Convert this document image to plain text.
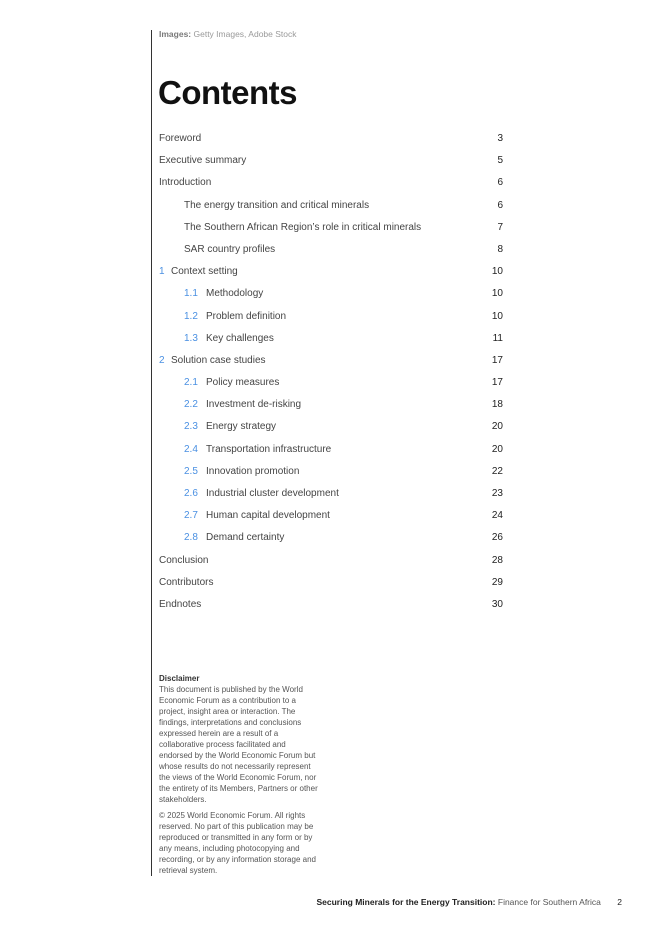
Images: Getty Images, Adobe Stock
Contents
Foreword	3
Executive summary	5
Introduction	6
The energy transition and critical minerals	6
The Southern African Region’s role in critical minerals	7
SAR country profiles	8
1 Context setting	10
1.1 Methodology	10
1.2 Problem definition	10
1.3 Key challenges	11
2 Solution case studies	17
2.1 Policy measures	17
2.2 Investment de-risking	18
2.3 Energy strategy	20
2.4 Transportation infrastructure	20
2.5 Innovation promotion	22
2.6 Industrial cluster development	23
2.7 Human capital development	24
2.8 Demand certainty	26
Conclusion	28
Contributors	29
Endnotes	30
Disclaimer

This document is published by the World Economic Forum as a contribution to a project, insight area or interaction. The findings, interpretations and conclusions expressed herein are a result of a collaborative process facilitated and endorsed by the World Economic Forum but whose results do not necessarily represent the views of the World Economic Forum, nor the entirety of its Members, Partners or other stakeholders.

© 2025 World Economic Forum. All rights reserved. No part of this publication may be reproduced or transmitted in any form or by any means, including photocopying and recording, or by any information storage and retrieval system.

Securing Minerals for the Energy Transition: Finance for Southern Africa 2
